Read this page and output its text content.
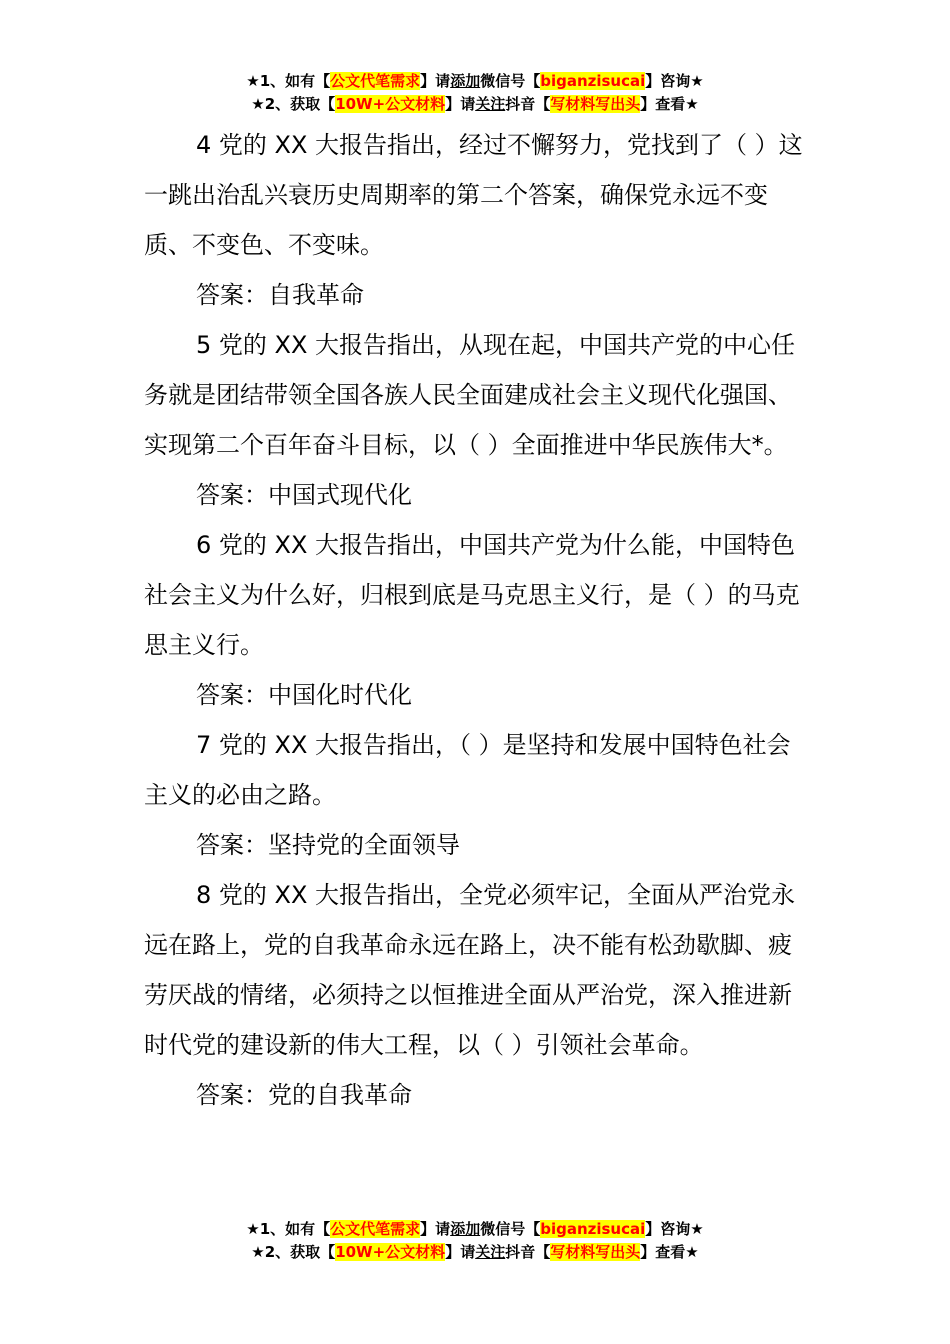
★1、如有【公文代笔需求】请添加微信号【biganzisucai】咨询★
★2、获取【10W+公文材料】请关注抖音【写材料写出头】查看★

4 党的 XX 大报告指出，经过不懈努力，党找到了（ ）这一跳出治乱兴衰历史周期率的第二个答案，确保党永远不变质、不变色、不变味。

答案：自我革命

5 党的 XX 大报告指出，从现在起，中国共产党的中心任务就是团结带领全国各族人民全面建成社会主义现代化强国、实现第二个百年奋斗目标，以（ ）全面推进中华民族伟大*。

答案：中国式现代化

6 党的 XX 大报告指出，中国共产党为什么能，中国特色社会主义为什么好，归根到底是马克思主义行，是（ ）的马克思主义行。

答案：中国化时代化

7 党的 XX 大报告指出，（ ）是坚持和发展中国特色社会主义的必由之路。

答案：坚持党的全面领导

8 党的 XX 大报告指出，全党必须牢记，全面从严治党永远在路上，党的自我革命永远在路上，决不能有松劲歇脚、疲劳厌战的情绪，必须持之以恒推进全面从严治党，深入推进新时代党的建设新的伟大工程，以（ ）引领社会革命。

答案：党的自我革命

★1、如有【公文代笔需求】请添加微信号【biganzisucai】咨询★
★2、获取【10W+公文材料】请关注抖音【写材料写出头】查看★
